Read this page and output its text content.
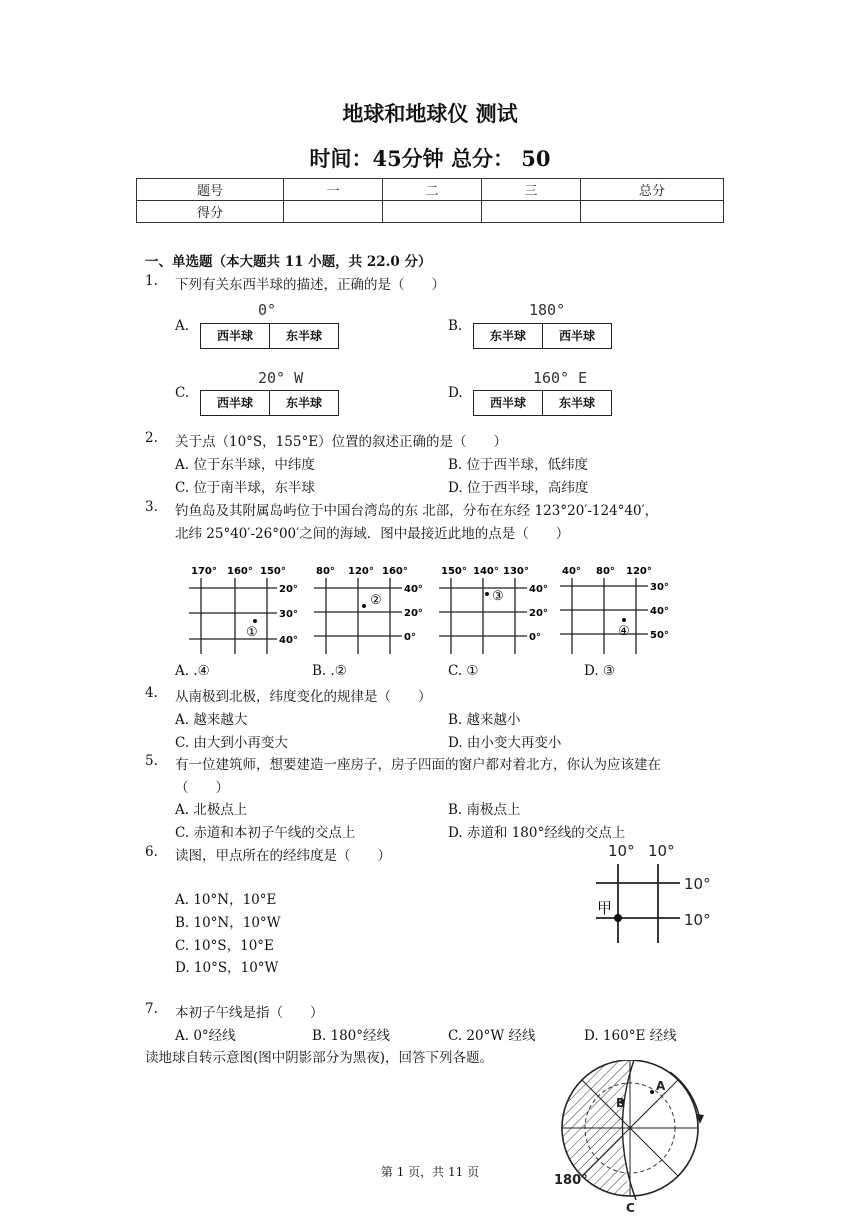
地球和地球仪 测试
时间：45分钟 总分： 50
题号	一	二	三	总分
得分				
一、单选题（本大题共 11 小题，共 22.0 分）
1. 下列有关东西半球的描述，正确的是（　　）
A.
0°
西半球	东半球
B.
180°
东半球	西半球
C.
20° W
西半球	东半球
D.
160° E
西半球	东半球
2. 关于点（10°S，155°E）位置的叙述正确的是（　　）
A. 位于东半球，中纬度	B. 位于西半球，低纬度
C. 位于南半球，东半球	D. 位于西半球，高纬度
3. 钓鱼岛及其附属岛屿位于中国台湾岛的东 北部，分布在东经 123°20′-124°40′，
北纬 25°40′-26°00′之间的海域．图中最接近此地的点是（　　）
170° 160° 150°
20°
30°
40°
①
80° 120° 160°
40°
20°
0°
②
150° 140° 130°
40°
20°
0°
③
40° 80° 120°
30°
40°
50°
④
A. .④	B. .②	C. ①	D. ③
4. 从南极到北极，纬度变化的规律是（　　）
A. 越来越大	B. 越来越小
C. 由大到小再变大	D. 由小变大再变小
5. 有一位建筑师，想要建造一座房子，房子四面的窗户都对着北方，你认为应该建在
（　　）
A. 北极点上	B. 南极点上
C. 赤道和本初子午线的交点上	D. 赤道和 180°经线的交点上
6. 读图，甲点所在的经纬度是（　　）
A. 10°N，10°E
B. 10°N，10°W
C. 10°S，10°E
D. 10°S，10°W
10° 10°
10°
10°
甲
7. 本初子午线是指（　　）
A. 0°经线	B. 180°经线	C. 20°W 经线	D. 160°E 经线
读地球自转示意图(图中阴影部分为黑夜)，回答下列各题。
A
B
C
180°
第 1 页，共 11 页
